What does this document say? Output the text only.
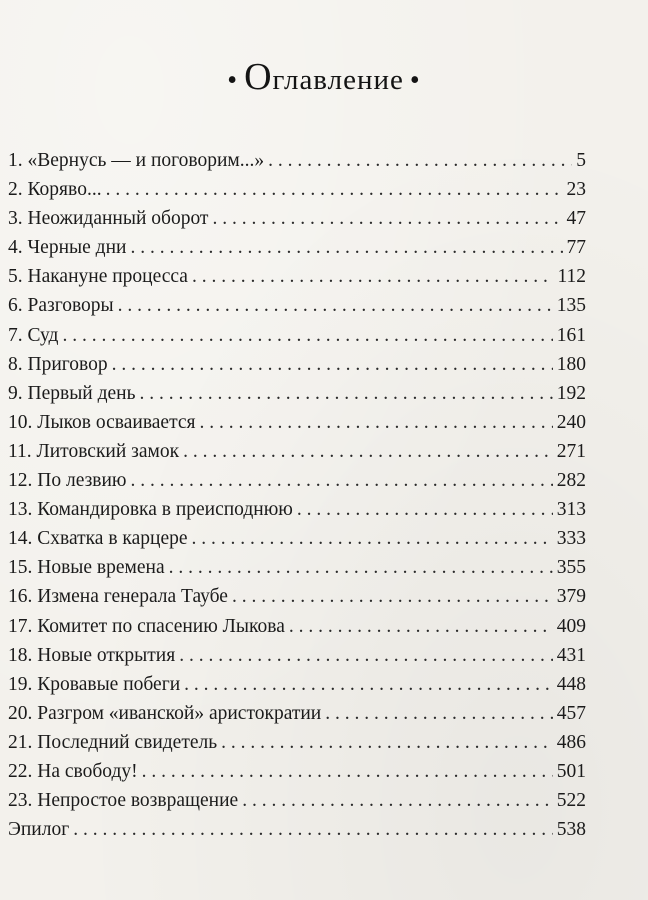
• Оглавление •
1. «Вернусь — и поговорим...» . . .	5
2. Корявo... . . .	23
3. Неожиданный оборот . . .	47
4. Черные дни . . .	77
5. Накануне процесса . . .	112
6. Разговоры . . .	135
7. Суд . . .	161
8. Приговор . . .	180
9. Первый день . . .	192
10. Лыков осваивается . . .	240
11. Литовский замок . . .	271
12. По лезвию . . .	282
13. Командировка в преисподнюю . . .	313
14. Схватка в карцере . . .	333
15. Новые времена . . .	355
16. Измена генерала Таубе . . .	379
17. Комитет по спасению Лыкова . . .	409
18. Новые открытия . . .	431
19. Кровавые побеги . . .	448
20. Разгром «иванской» аристократии . . .	457
21. Последний свидетель . . .	486
22. На свободу! . . .	501
23. Непростое возвращение . . .	522
Эпилог . . .	538
